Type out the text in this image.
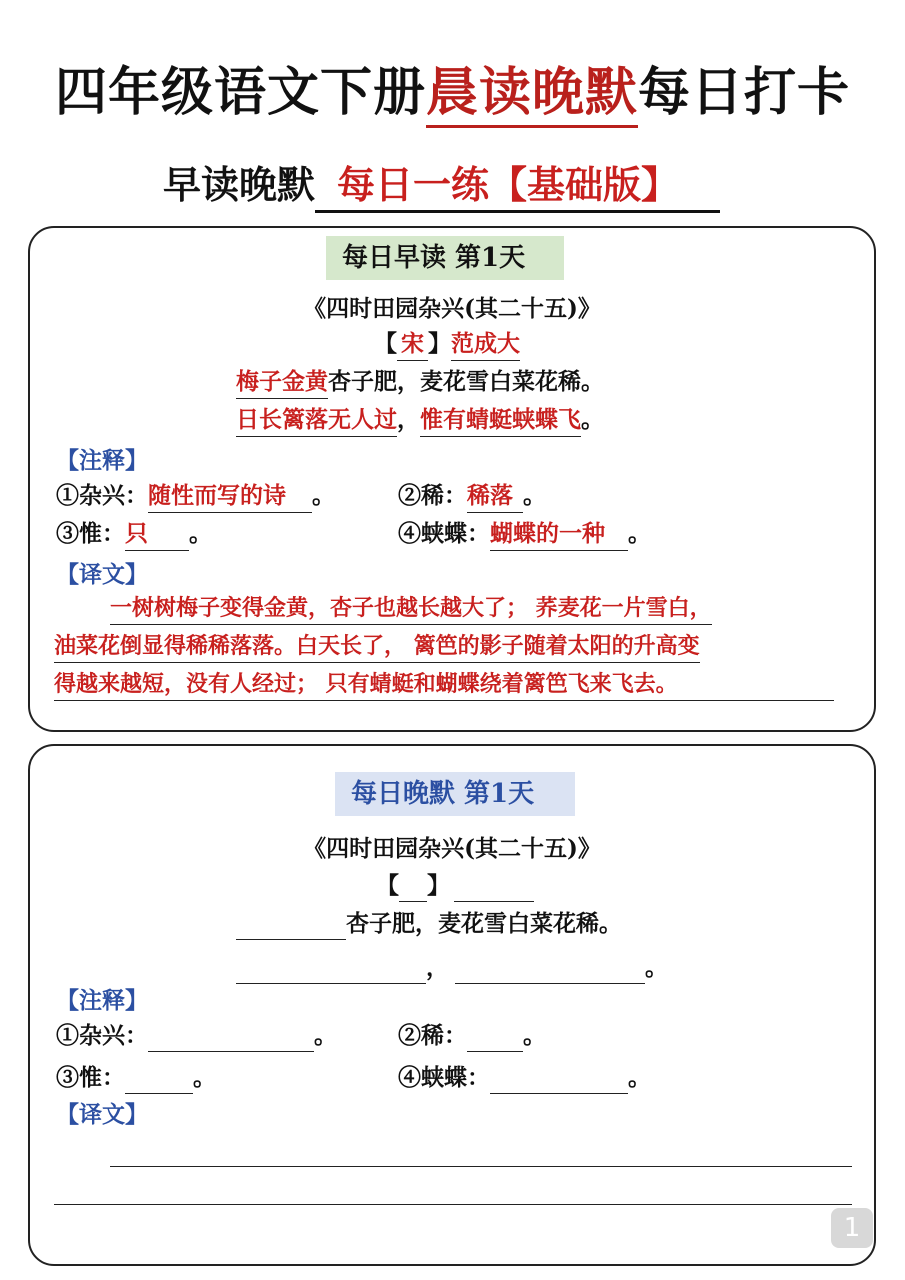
四年级语文下册晨读晚默每日打卡
早读晚默 每日一练【基础版】
每日早读 第1天
《四时田园杂兴(其二十五)》
【 宋 】范成大
梅子金黄杏子肥，麦花雪白菜花稀。
日长篱落无人过，惟有蜻蜓蛱蝶飞。
【注释】
①杂兴：随性而写的诗 。	②稀：稀落 。
③惟：只 。	④蛱蝶：蝴蝶的一种 。
【译文】
一树树梅子变得金黄，杏子也越长越大了； 荞麦花一片雪白，
油菜花倒显得稀稀落落。白天长了， 篱笆的影子随着太阳的升高变
得越来越短，没有人经过； 只有蜻蜓和蝴蝶绕着篱笆飞来飞去。
每日晚默 第1天
《四时田园杂兴(其二十五)》
【 】
杏子肥，麦花雪白菜花稀。
，	。
【注释】
①杂兴：	。	②稀： 。
③惟：	。	④蛱蝶：	。
【译文】
1
